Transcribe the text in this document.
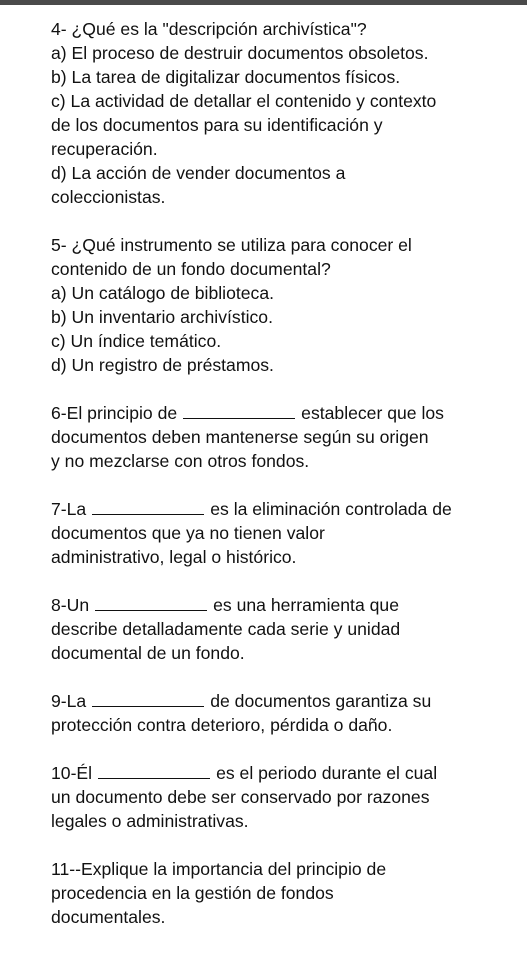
4- ¿Qué es la "descripción archivística"?
a) El proceso de destruir documentos obsoletos.
b) La tarea de digitalizar documentos físicos.
c) La actividad de detallar el contenido y contexto
de los documentos para su identificación y
recuperación.
d) La acción de vender documentos a
coleccionistas.
5- ¿Qué instrumento se utiliza para conocer el
contenido de un fondo documental?
a) Un catálogo de biblioteca.
b) Un inventario archivístico.
c) Un índice temático.
d) Un registro de préstamos.
6-El principio de	establecer que los
documentos deben mantenerse según su origen
y no mezclarse con otros fondos.
7-La	es la eliminación controlada de
documentos que ya no tienen valor
administrativo, legal o histórico.
8-Un	es una herramienta que
describe detalladamente cada serie y unidad
documental de un fondo.
9-La	de documentos garantiza su
protección contra deterioro, pérdida o daño.
10-Él	es el periodo durante el cual
un documento debe ser conservado por razones
legales o administrativas.
11--Explique la importancia del principio de
procedencia en la gestión de fondos
documentales.
